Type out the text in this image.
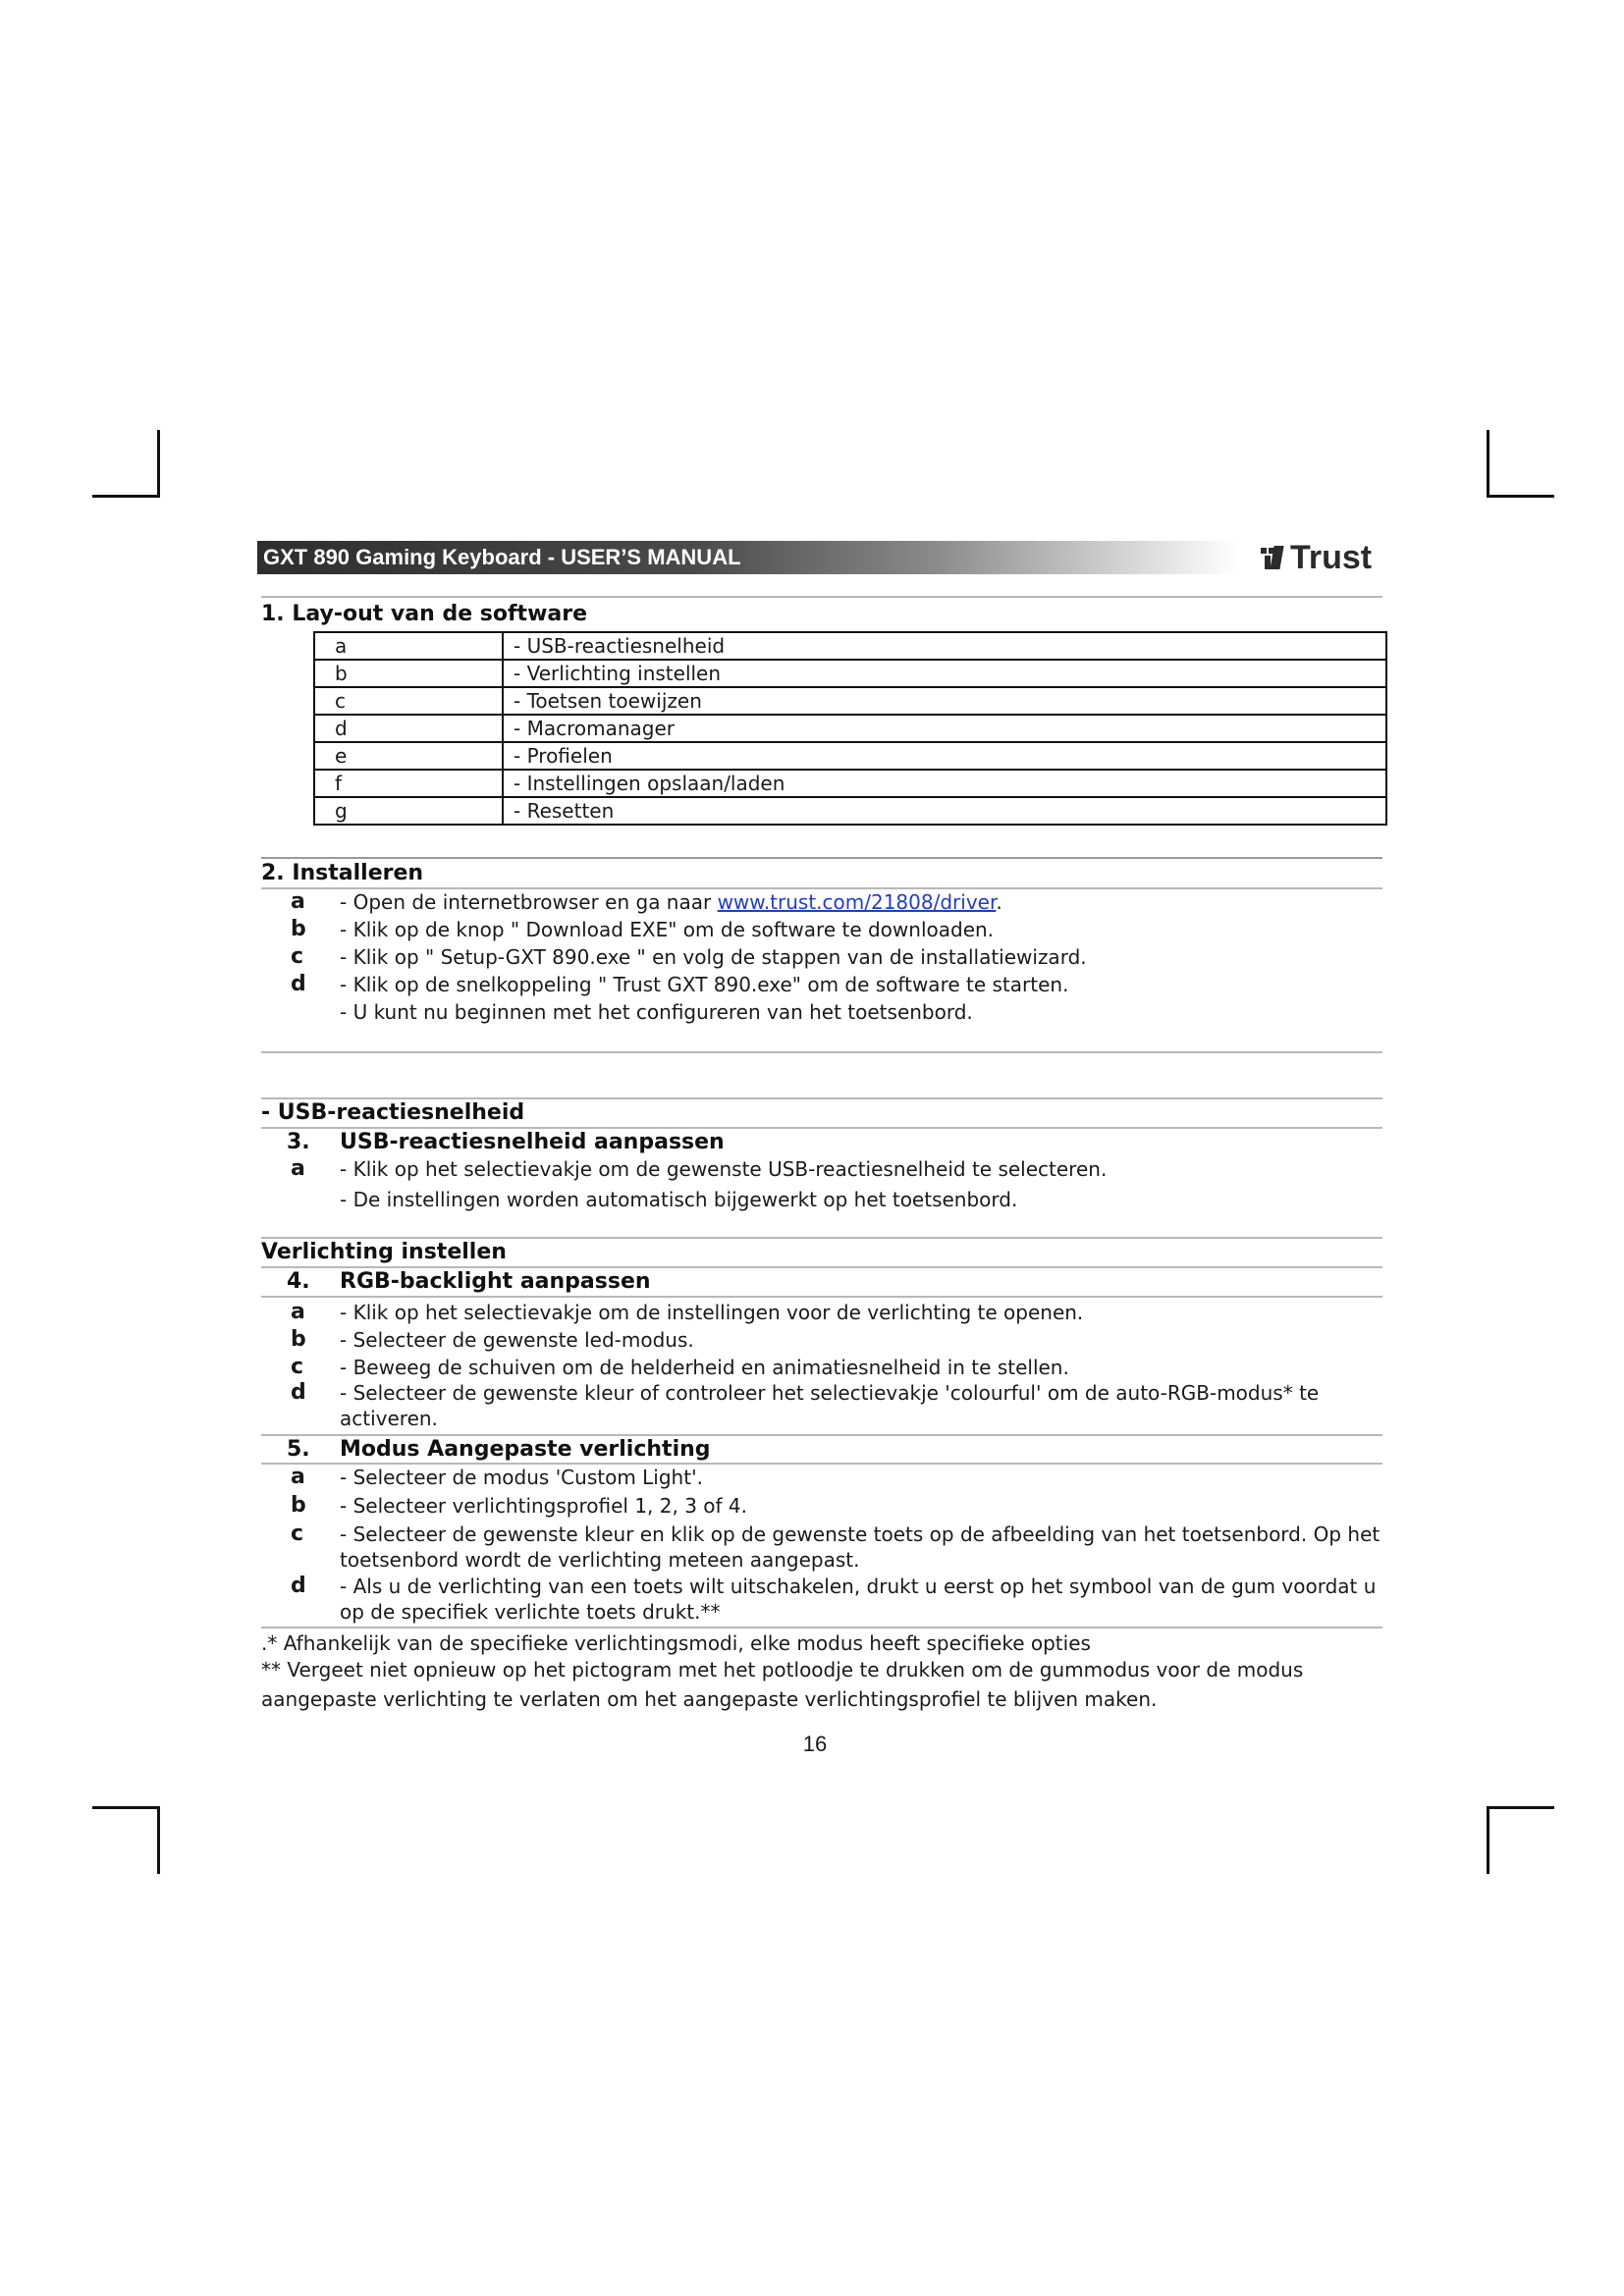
GXT 890 Gaming Keyboard - USER’S MANUAL	Trust
1. Lay-out van de software
a	- USB-reactiesnelheid
b	- Verlichting instellen
c	- Toetsen toewijzen
d	- Macromanager
e	- Profielen
f	- Instellingen opslaan/laden
g	- Resetten
2. Installeren
a - Open de internetbrowser en ga naar www.trust.com/21808/driver.
b - Klik op de knop " Download EXE" om de software te downloaden.
c - Klik op " Setup-GXT 890.exe " en volg de stappen van de installatiewizard.
d - Klik op de snelkoppeling " Trust GXT 890.exe" om de software te starten.
- U kunt nu beginnen met het configureren van het toetsenbord.
- USB-reactiesnelheid
3. USB-reactiesnelheid aanpassen
a - Klik op het selectievakje om de gewenste USB-reactiesnelheid te selecteren.
- De instellingen worden automatisch bijgewerkt op het toetsenbord.
Verlichting instellen
4. RGB-backlight aanpassen
a - Klik op het selectievakje om de instellingen voor de verlichting te openen.
b - Selecteer de gewenste led-modus.
c - Beweeg de schuiven om de helderheid en animatiesnelheid in te stellen.
d - Selecteer de gewenste kleur of controleer het selectievakje 'colourful' om de auto-RGB-modus* te activeren.
5. Modus Aangepaste verlichting
a - Selecteer de modus 'Custom Light'.
b - Selecteer verlichtingsprofiel 1, 2, 3 of 4.
c - Selecteer de gewenste kleur en klik op de gewenste toets op de afbeelding van het toetsenbord. Op het toetsenbord wordt de verlichting meteen aangepast.
d - Als u de verlichting van een toets wilt uitschakelen, drukt u eerst op het symbool van de gum voordat u op de specifiek verlichte toets drukt.**
.* Afhankelijk van de specifieke verlichtingsmodi, elke modus heeft specifieke opties
** Vergeet niet opnieuw op het pictogram met het potloodje te drukken om de gummodus voor de modus aangepaste verlichting te verlaten om het aangepaste verlichtingsprofiel te blijven maken.
16
